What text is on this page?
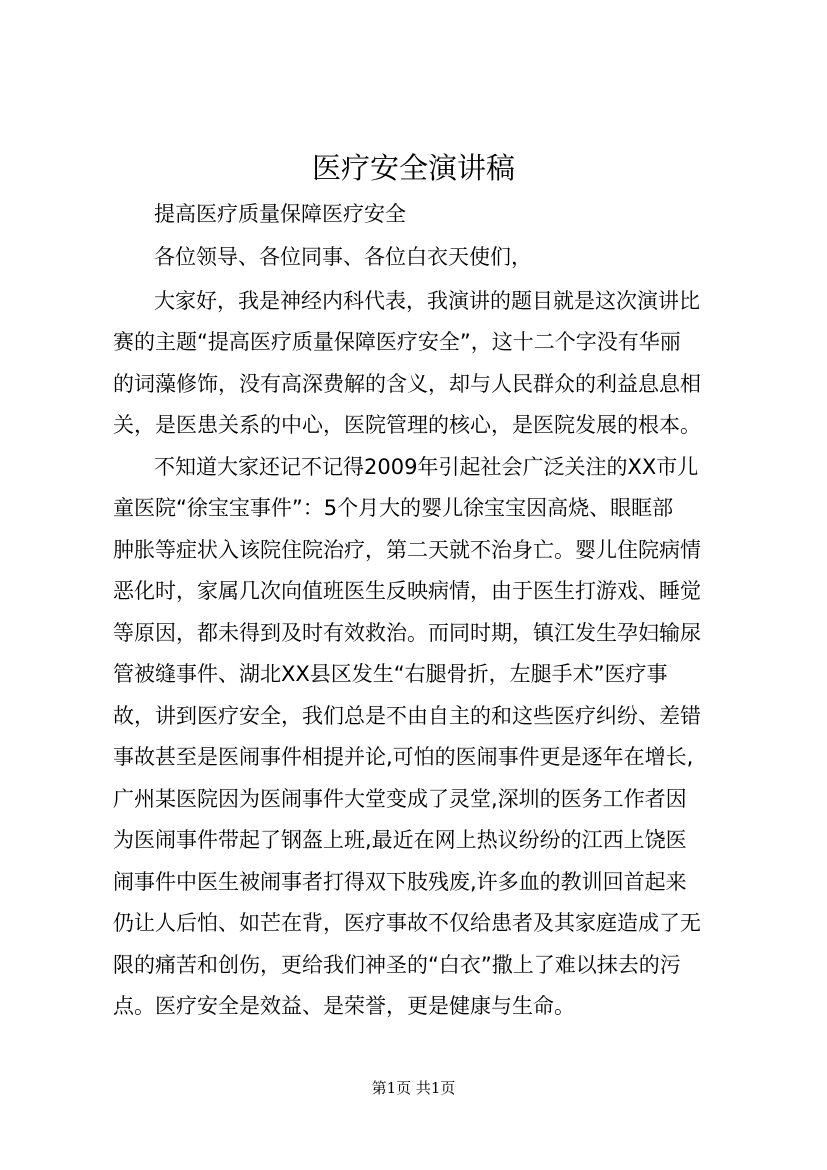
医疗安全演讲稿
提高医疗质量保障医疗安全
各位领导、各位同事、各位白衣天使们，
大家好，我是神经内科代表，我演讲的题目就是这次演讲比
赛的主题“提高医疗质量保障医疗安全”，这十二个字没有华丽
的词藻修饰，没有高深费解的含义，却与人民群众的利益息息相
关，是医患关系的中心，医院管理的核心，是医院发展的根本。
不知道大家还记不记得2009年引起社会广泛关注的XX市儿
童医院“徐宝宝事件”：5个月大的婴儿徐宝宝因高烧、眼眶部
肿胀等症状入该院住院治疗，第二天就不治身亡。婴儿住院病情
恶化时，家属几次向值班医生反映病情，由于医生打游戏、睡觉
等原因，都未得到及时有效救治。而同时期，镇江发生孕妇输尿
管被缝事件、湖北XX县区发生“右腿骨折，左腿手术”医疗事
故，讲到医疗安全，我们总是不由自主的和这些医疗纠纷、差错
事故甚至是医闹事件相提并论,可怕的医闹事件更是逐年在增长,
广州某医院因为医闹事件大堂变成了灵堂,深圳的医务工作者因
为医闹事件带起了钢盔上班,最近在网上热议纷纷的江西上饶医
闹事件中医生被闹事者打得双下肢残废,许多血的教训回首起来
仍让人后怕、如芒在背，医疗事故不仅给患者及其家庭造成了无
限的痛苦和创伤，更给我们神圣的“白衣”撒上了难以抹去的污
点。医疗安全是效益、是荣誉，更是健康与生命。
第1页 共1页
